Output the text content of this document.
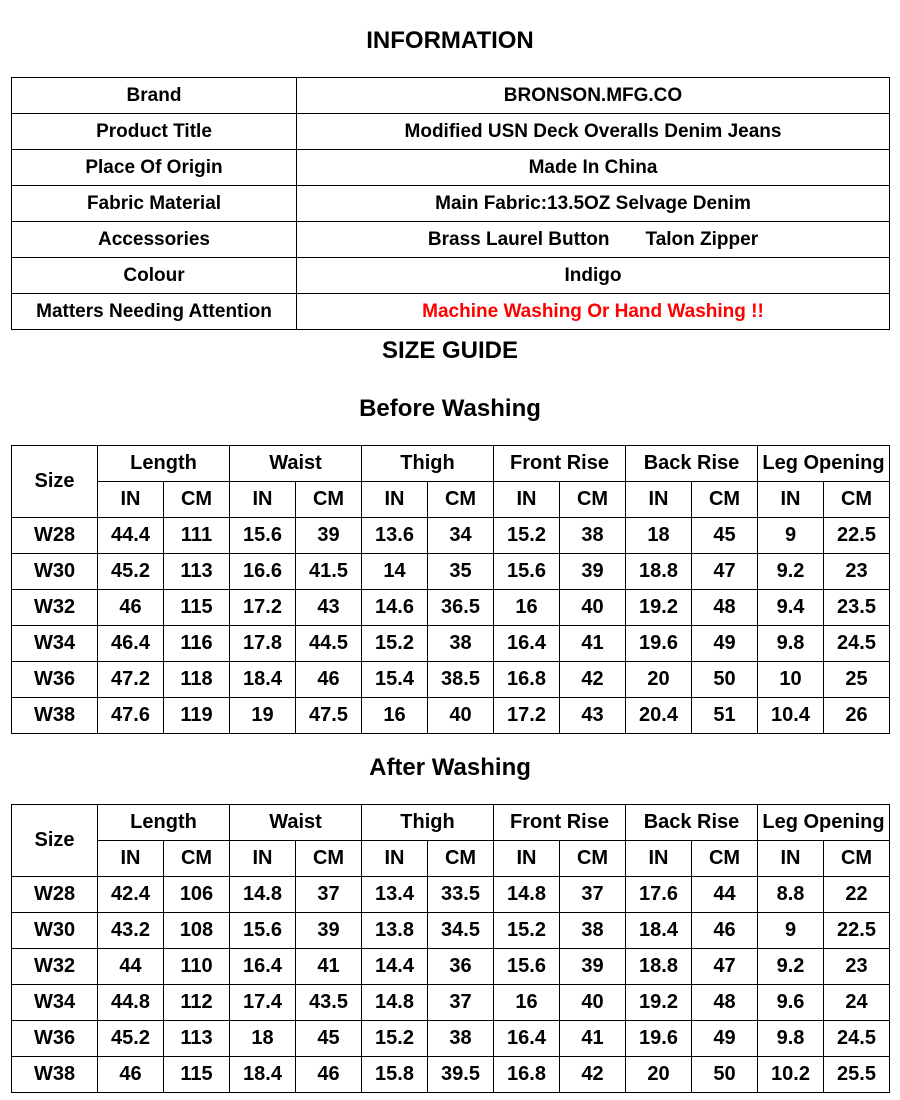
INFORMATION
Brand	BRONSON.MFG.CO
Product Title	Modified USN Deck Overalls Denim Jeans
Place Of Origin	Made In China
Fabric Material	Main Fabric:13.5OZ Selvage Denim
Accessories	Brass Laurel Button Talon Zipper
Colour	Indigo
Matters Needing Attention	Machine Washing Or Hand Washing !!
SIZE GUIDE
Before Washing
Size	Length		Waist		Thigh		Front Rise		Back Rise		Leg Opening	
	IN	CM	IN	CM	IN	CM	IN	CM	IN	CM	IN	CM
W28	44.4	111	15.6	39	13.6	34	15.2	38	18	45	9	22.5
W30	45.2	113	16.6	41.5	14	35	15.6	39	18.8	47	9.2	23
W32	46	115	17.2	43	14.6	36.5	16	40	19.2	48	9.4	23.5
W34	46.4	116	17.8	44.5	15.2	38	16.4	41	19.6	49	9.8	24.5
W36	47.2	118	18.4	46	15.4	38.5	16.8	42	20	50	10	25
W38	47.6	119	19	47.5	16	40	17.2	43	20.4	51	10.4	26
After Washing
Size	Length		Waist		Thigh		Front Rise		Back Rise		Leg Opening	
	IN	CM	IN	CM	IN	CM	IN	CM	IN	CM	IN	CM
W28	42.4	106	14.8	37	13.4	33.5	14.8	37	17.6	44	8.8	22
W30	43.2	108	15.6	39	13.8	34.5	15.2	38	18.4	46	9	22.5
W32	44	110	16.4	41	14.4	36	15.6	39	18.8	47	9.2	23
W34	44.8	112	17.4	43.5	14.8	37	16	40	19.2	48	9.6	24
W36	45.2	113	18	45	15.2	38	16.4	41	19.6	49	9.8	24.5
W38	46	115	18.4	46	15.8	39.5	16.8	42	20	50	10.2	25.5
